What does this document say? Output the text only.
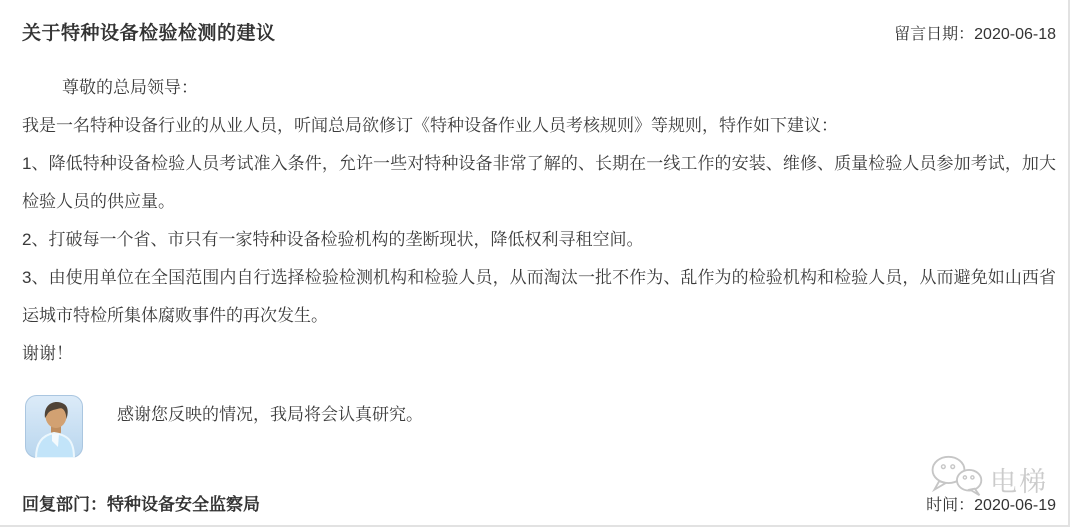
关于特种设备检验检测的建议	留言日期：2020-06-18

尊敬的总局领导：

我是一名特种设备行业的从业人员，听闻总局欲修订《特种设备作业人员考核规则》等规则，特作如下建议：

1、降低特种设备检验人员考试准入条件，允许一些对特种设备非常了解的、长期在一线工作的安装、维修、质量检验人员参加考试，加大检验人员的供应量。

2、打破每一个省、市只有一家特种设备检验机构的垄断现状，降低权利寻租空间。

3、由使用单位在全国范围内自行选择检验检测机构和检验人员，从而淘汰一批不作为、乱作为的检验机构和检验人员，从而避免如山西省运城市特检所集体腐败事件的再次发生。

谢谢！

感谢您反映的情况，我局将会认真研究。

回复部门：特种设备安全监察局	时间：2020-06-19
电梯
